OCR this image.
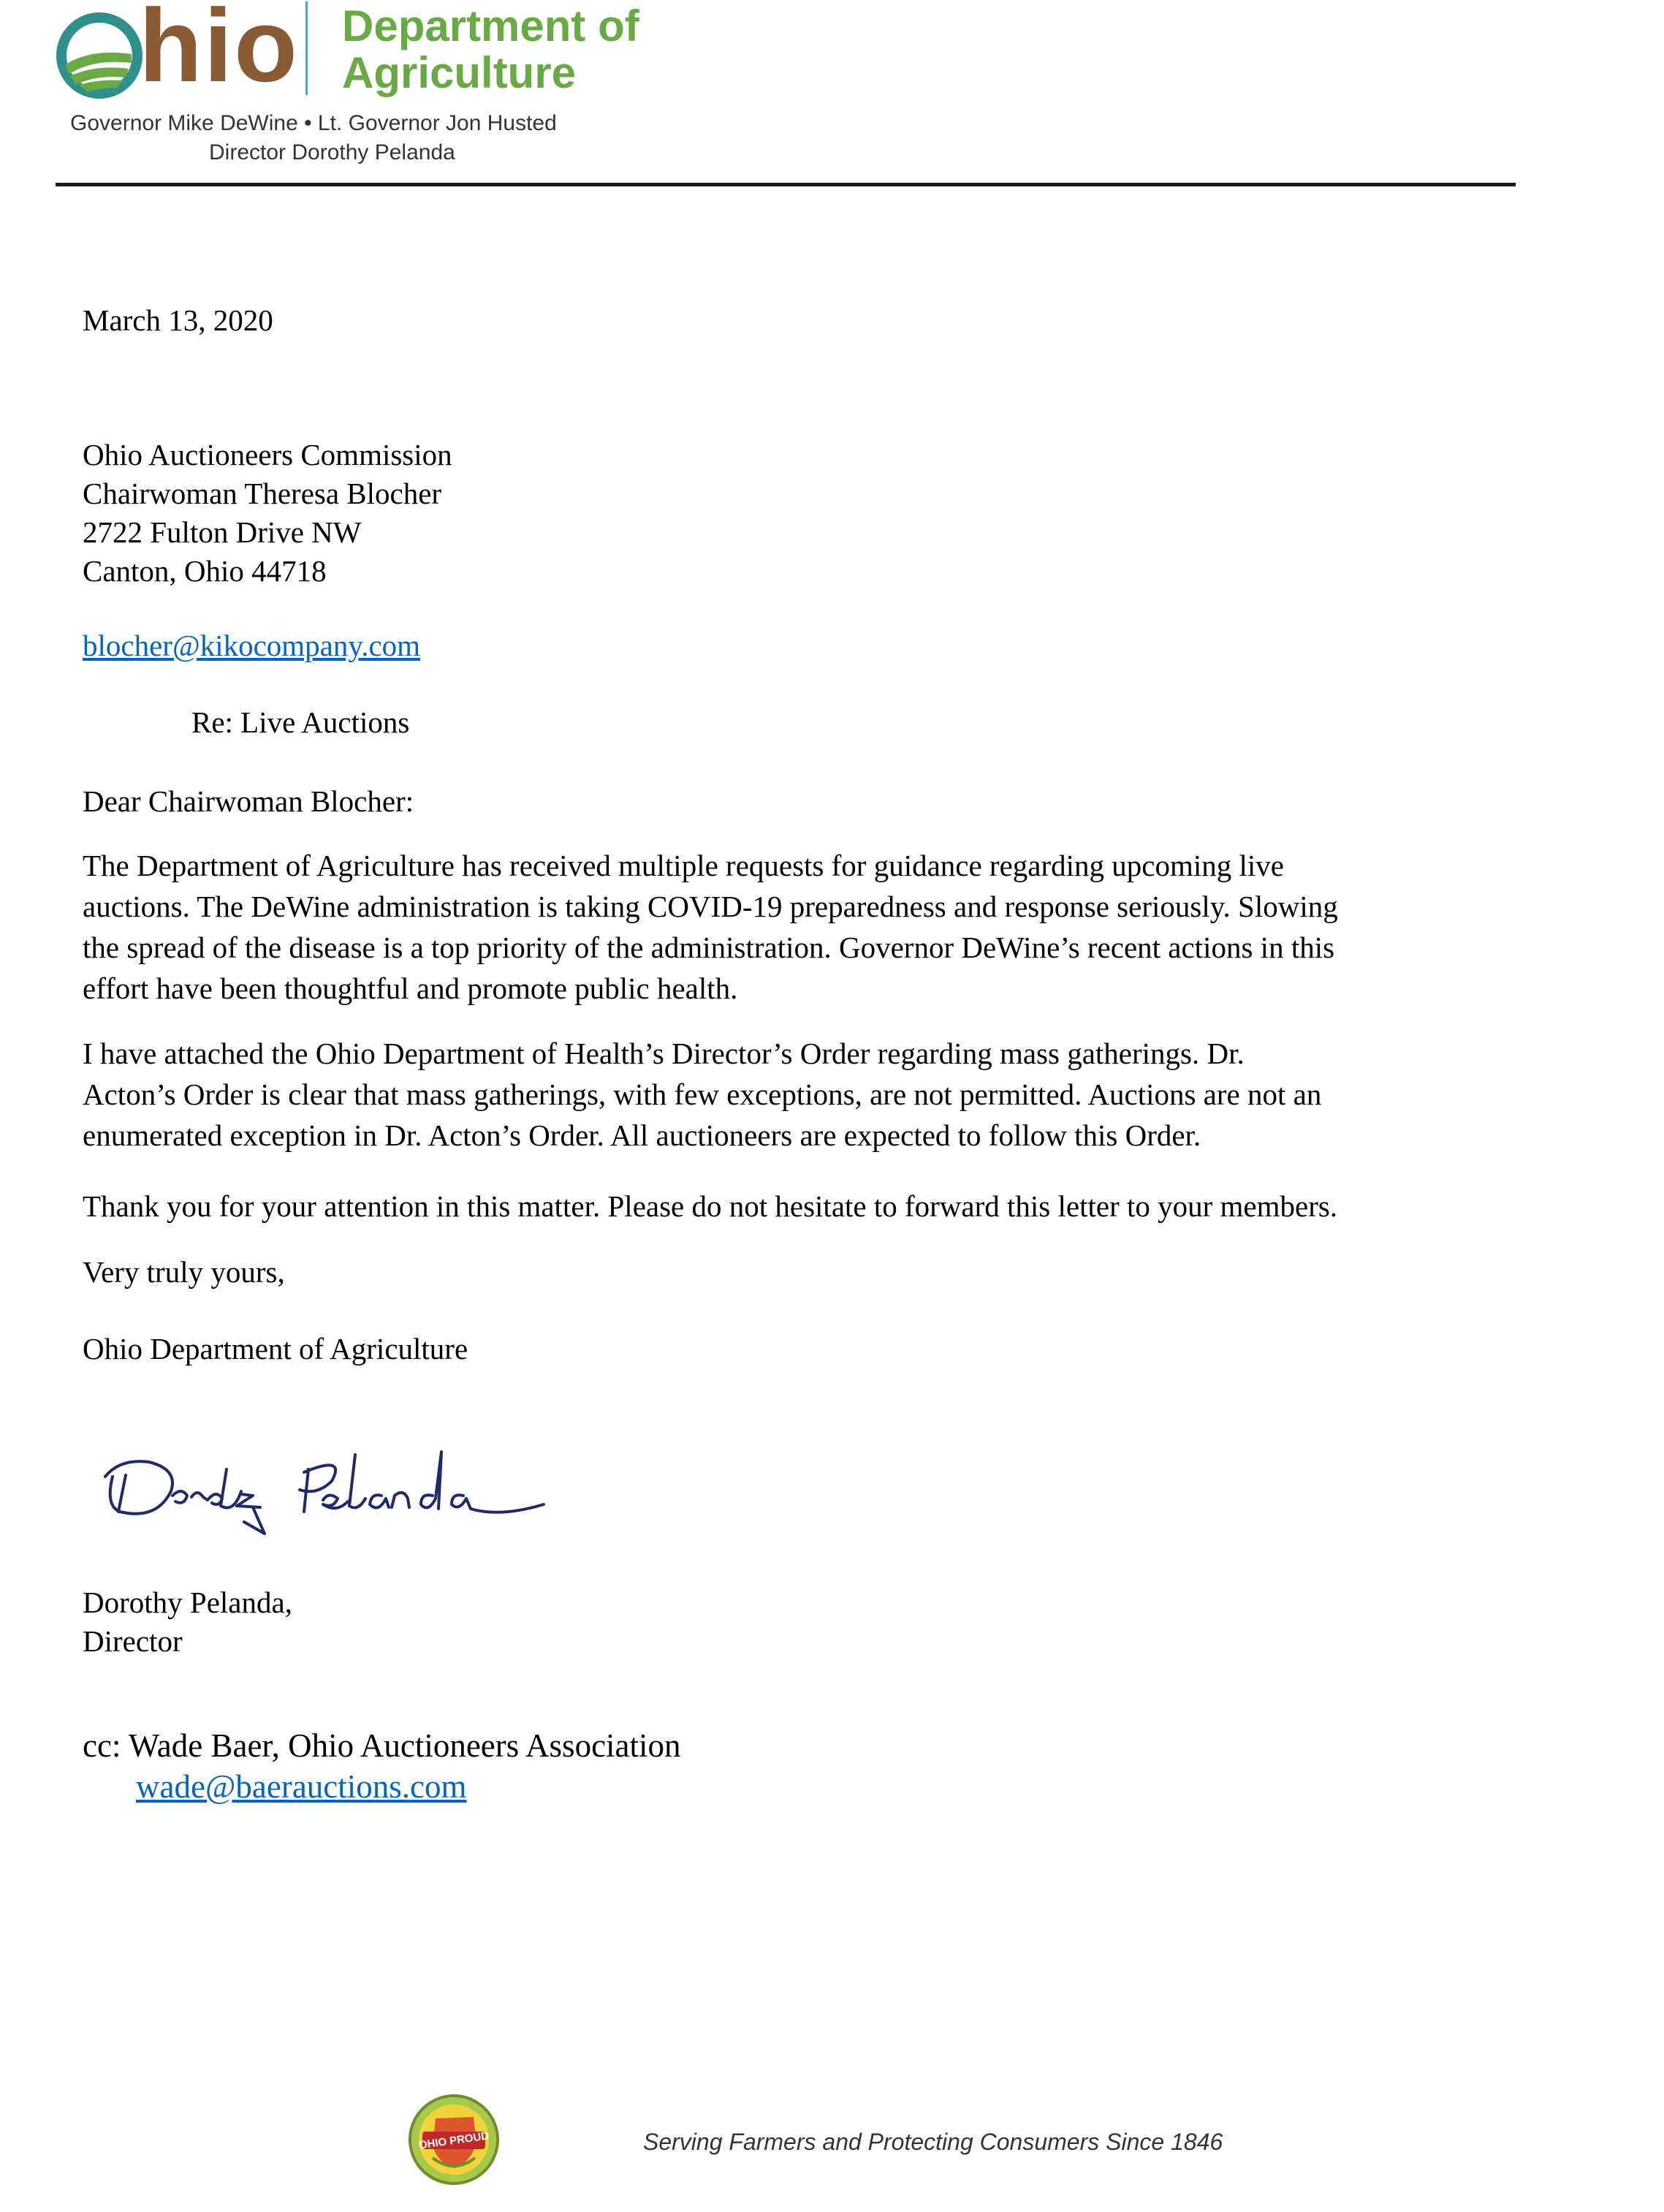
hio Department of
Agriculture
Governor Mike DeWine • Lt. Governor Jon Husted
Director Dorothy Pelanda
March 13, 2020
Ohio Auctioneers Commission
Chairwoman Theresa Blocher
2722 Fulton Drive NW
Canton, Ohio 44718
blocher@kikocompany.com
Re: Live Auctions
Dear Chairwoman Blocher:
The Department of Agriculture has received multiple requests for guidance regarding upcoming live
auctions. The DeWine administration is taking COVID-19 preparedness and response seriously. Slowing
the spread of the disease is a top priority of the administration. Governor DeWine’s recent actions in this
effort have been thoughtful and promote public health.
I have attached the Ohio Department of Health’s Director’s Order regarding mass gatherings. Dr.
Acton’s Order is clear that mass gatherings, with few exceptions, are not permitted. Auctions are not an
enumerated exception in Dr. Acton’s Order. All auctioneers are expected to follow this Order.
Thank you for your attention in this matter. Please do not hesitate to forward this letter to your members.
Very truly yours,
Ohio Department of Agriculture
Dorothy Pelanda,
Director
cc: Wade Baer, Ohio Auctioneers Association
wade@baerauctions.com
OHIO PROUD	Serving Farmers and Protecting Consumers Since 1846
